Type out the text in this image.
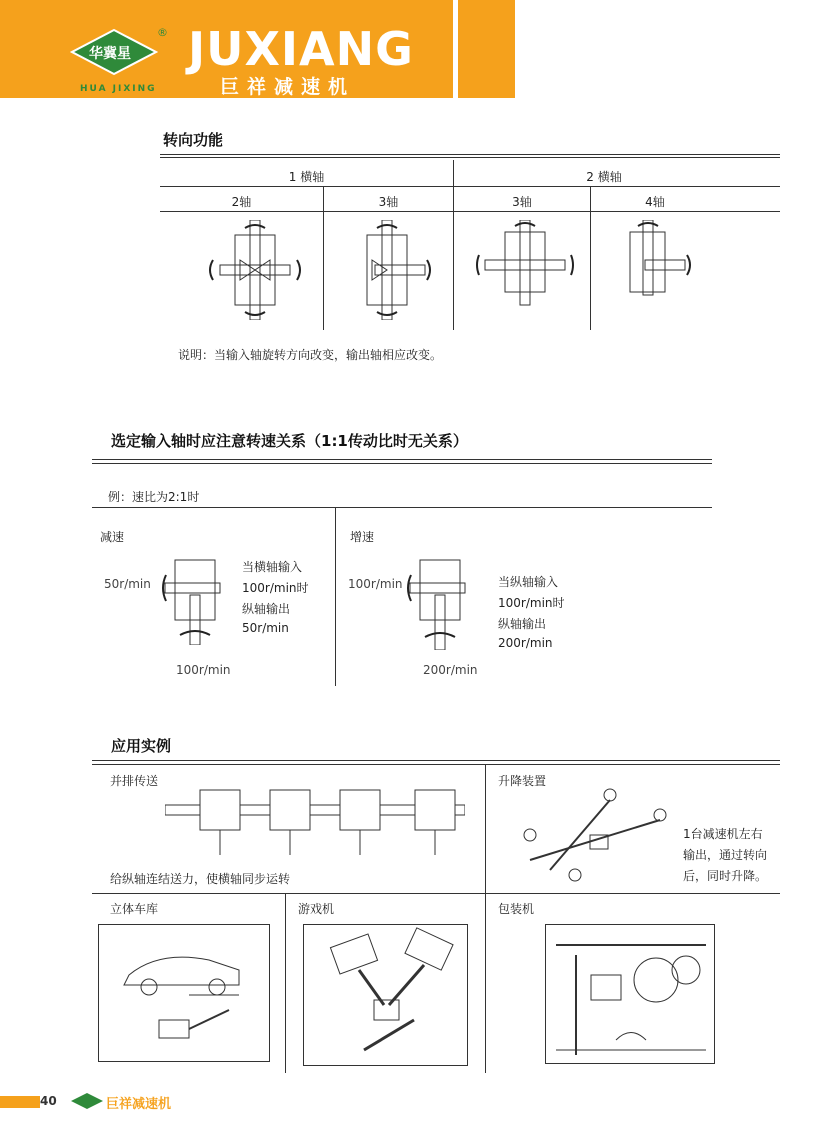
华冀星
®
HUA JIXING
JUXIANG
巨祥减速机
转向功能
1 横轴	2 横轴
2轴	3轴	3轴	4轴
说明：当输入轴旋转方向改变，输出轴相应改变。
选定输入轴时应注意转速关系（1:1传动比时无关系）
例：速比为2:1时
减速
50r/min
当横轴输入
100r/min时
纵轴输出
50r/min
100r/min
增速
100r/min	当纵轴输入
100r/min时
纵轴输出
200r/min
200r/min
应用实例
并排传送
给纵轴连结送力，使横轴同步运转
升降装置
1台减速机左右
输出，通过转向
后，同时升降。
立体车库	游戏机	包装机
40	巨祥减速机
